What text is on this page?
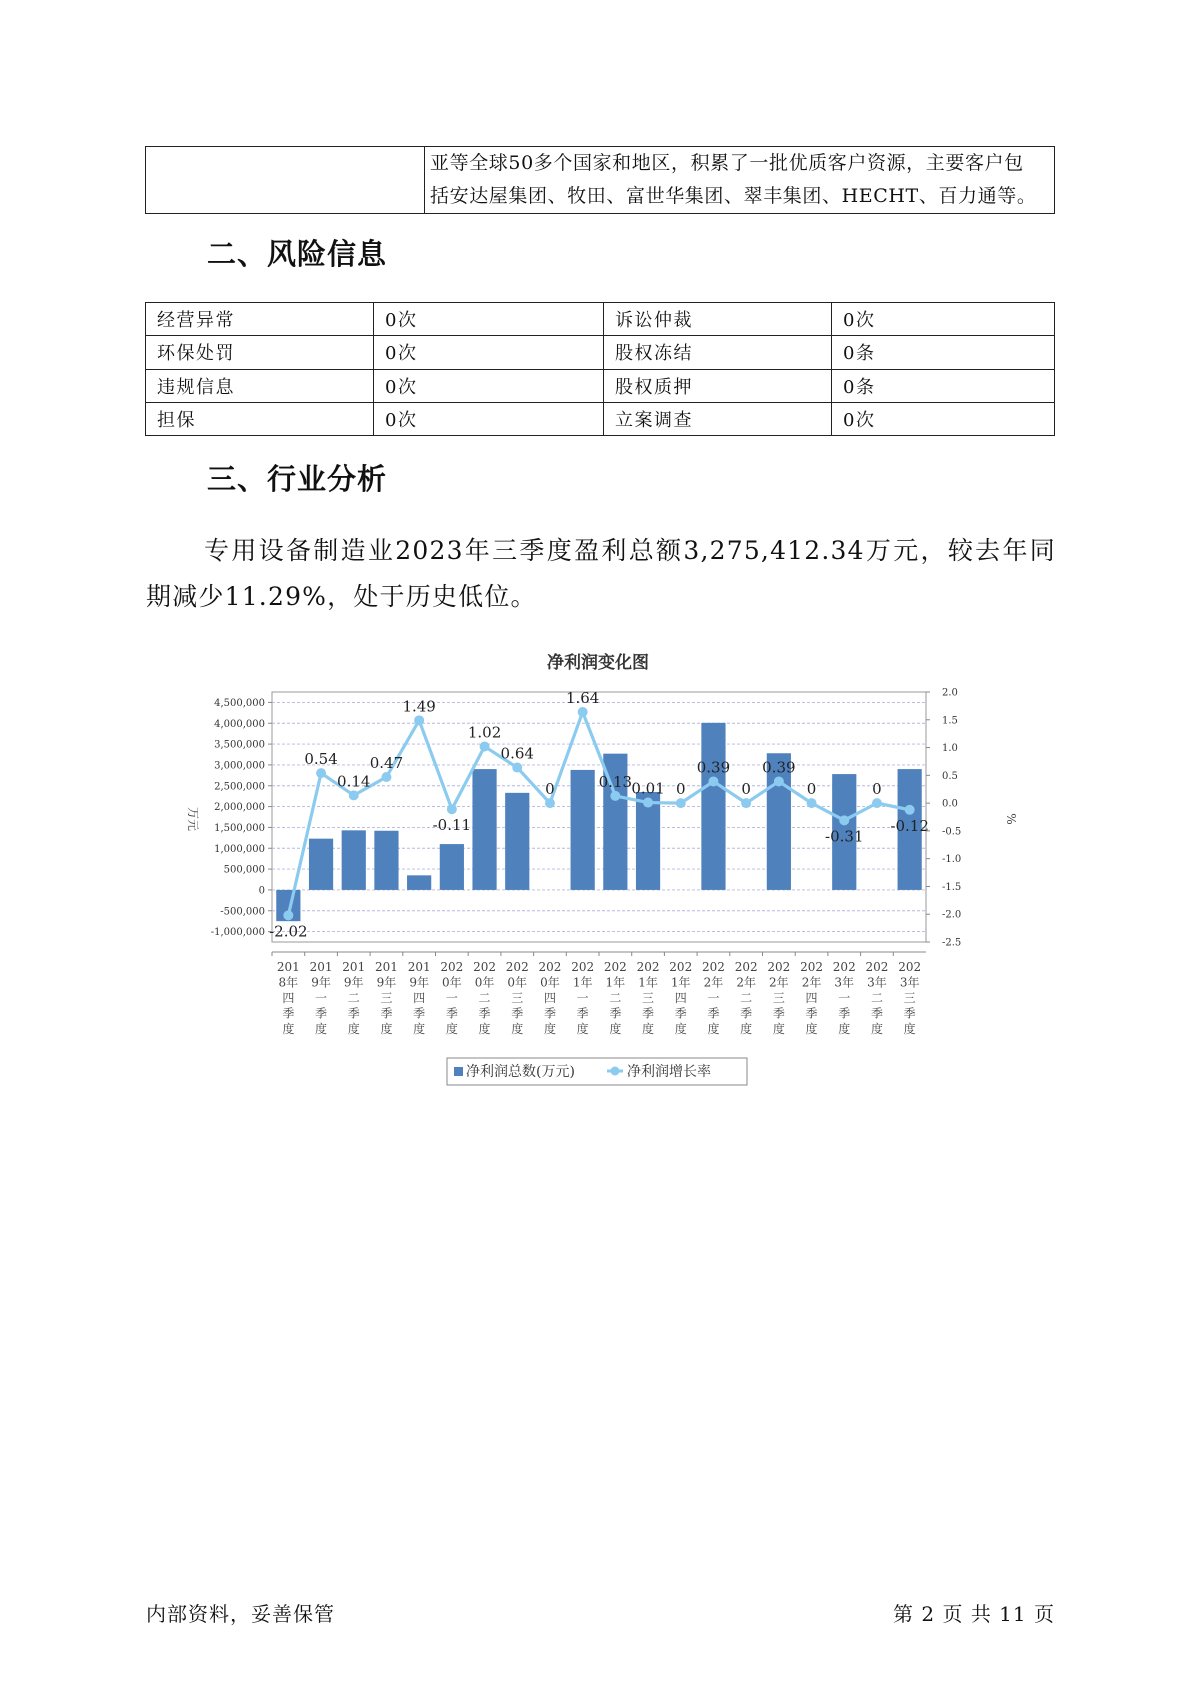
亚等全球50多个国家和地区，积累了一批优质客户资源，主要客户包
括安达屋集团、牧田、富世华集团、翠丰集团、HECHT、百力通等。
二、风险信息
经营异常	0次	诉讼仲裁	0次
环保处罚	0次	股权冻结	0条
违规信息	0次	股权质押	0条
担保	0次	立案调查	0次
三、行业分析

专用设备制造业2023年三季度盈利总额3,275,412.34万元，较去年同期减少11.29%，处于历史低位。

净利润变化图
-2.02
0.54
0.14
0.47
1.49
-0.11
1.02
0.64
0
1.64
0.13 0.01 0
0.39
0
0.39
0
-0.31
0
-0.12
4,500,000
4,000,000
3,500,000
3,000,000
2,500,000
2,000,000
1,500,000
1,000,000
500,000
0
-500,000
-1,000,000
2.0
1.5
1.0
0.5
0.0
-0.5
-1.0
-1.5
-2.0
-2.5
201 8年四季度
201 9年一季度
201 9年二季度
201 9年三季度
201 9年四季度
202 0年一季度
202 0年二季度
202 0年三季度
202 0年四季度
202 1年一季度
202 1年二季度
202 1年三季度
202 1年四季度
202 2年一季度
202 2年二季度
202 2年三季度
202 2年四季度
202 3年一季度
202 3年二季度
202 3年三季度
万元	%
净利润总数(万元)	净利润增长率
内部资料，妥善保管	第 2 页 共 11 页
